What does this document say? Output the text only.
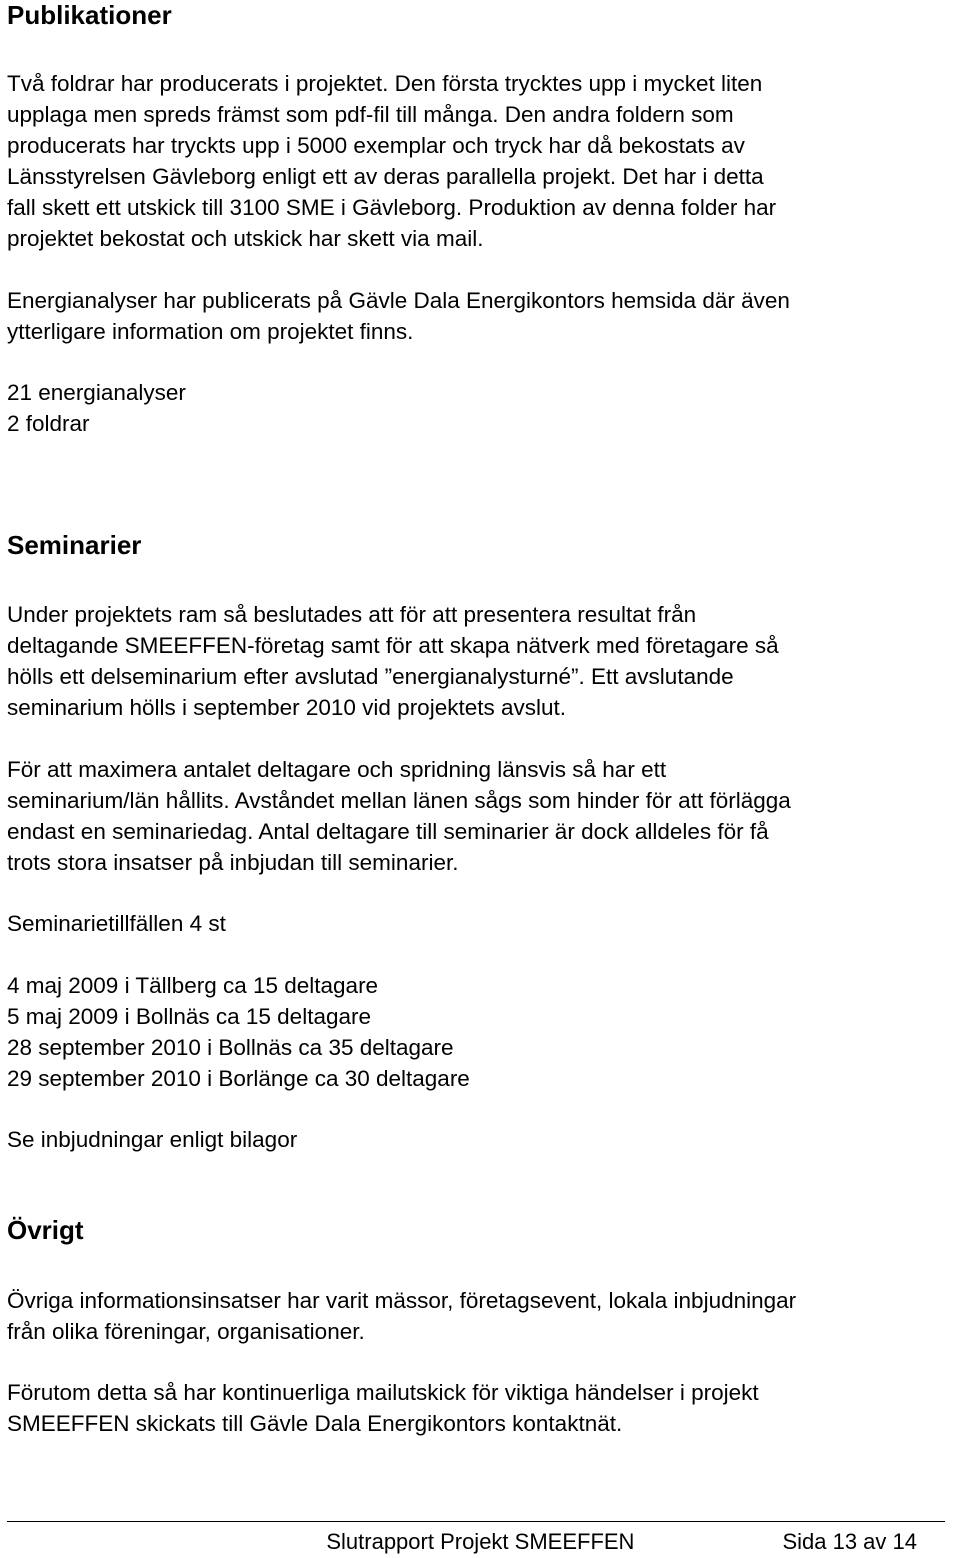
Publikationer

Två foldrar har producerats i projektet. Den första trycktes upp i mycket liten
upplaga men spreds främst som pdf-fil till många. Den andra foldern som
producerats har tryckts upp i 5000 exemplar och tryck har då bekostats av
Länsstyrelsen Gävleborg enligt ett av deras parallella projekt. Det har i detta
fall skett ett utskick till 3100 SME i Gävleborg. Produktion av denna folder har
projektet bekostat och utskick har skett via mail.

Energianalyser har publicerats på Gävle Dala Energikontors hemsida där även
ytterligare information om projektet finns.

21 energianalyser
2 foldrar

Seminarier

Under projektets ram så beslutades att för att presentera resultat från
deltagande SMEEFFEN-företag samt för att skapa nätverk med företagare så
hölls ett delseminarium efter avslutad ”energianalysturné”. Ett avslutande
seminarium hölls i september 2010 vid projektets avslut.

För att maximera antalet deltagare och spridning länsvis så har ett
seminarium/län hållits. Avståndet mellan länen sågs som hinder för att förlägga
endast en seminariedag. Antal deltagare till seminarier är dock alldeles för få
trots stora insatser på inbjudan till seminarier.

Seminarietillfällen 4 st

4 maj 2009 i Tällberg ca 15 deltagare
5 maj 2009 i Bollnäs ca 15 deltagare
28 september 2010 i Bollnäs ca 35 deltagare
29 september 2010 i Borlänge ca 30 deltagare

Se inbjudningar enligt bilagor

Övrigt

Övriga informationsinsatser har varit mässor, företagsevent, lokala inbjudningar
från olika föreningar, organisationer.

Förutom detta så har kontinuerliga mailutskick för viktiga händelser i projekt
SMEEFFEN skickats till Gävle Dala Energikontors kontaktnät.

Slutrapport Projekt SMEEFFEN	Sida 13 av 14
